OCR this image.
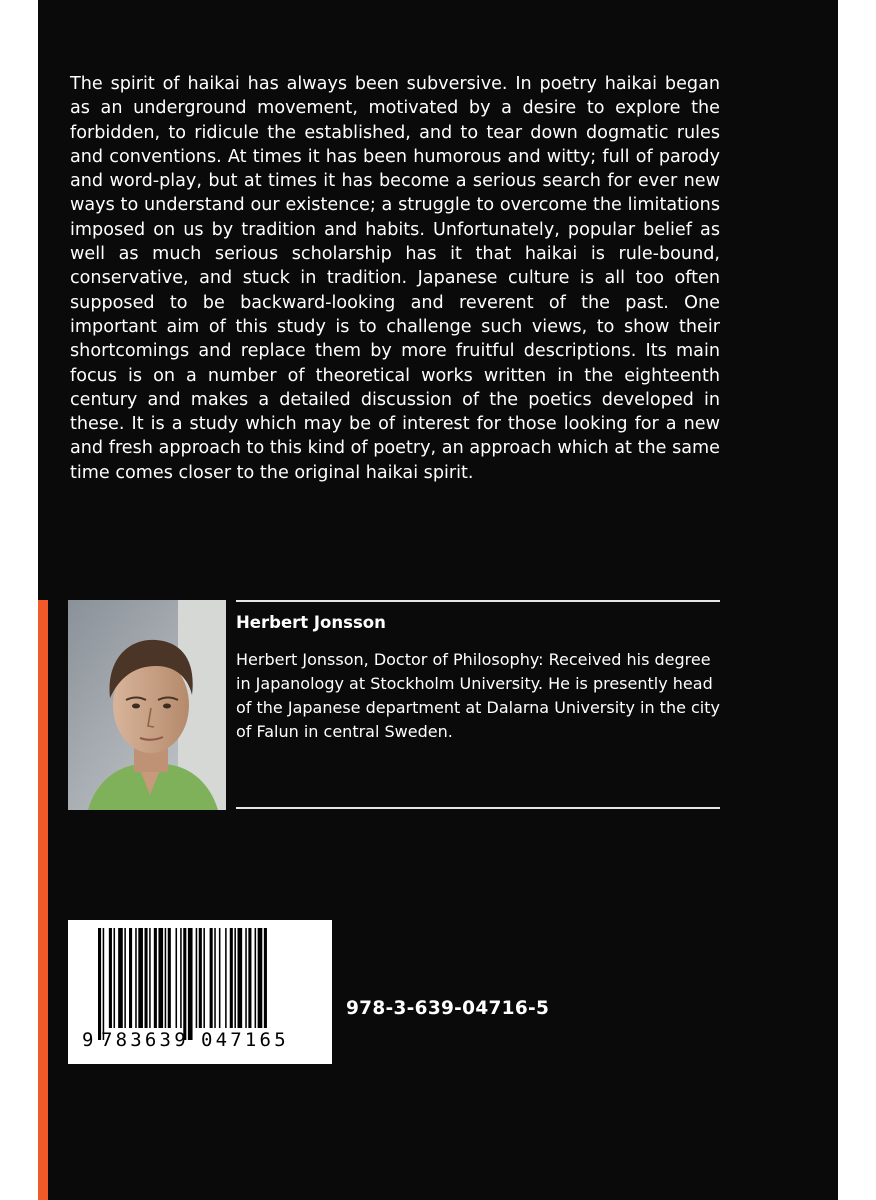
The spirit of haikai has always been subversive. In poetry haikai began as an underground movement, motivated by a desire to explore the forbidden, to ridicule the established, and to tear down dogmatic rules and conventions. At times it has been humorous and witty; full of parody and word-play, but at times it has become a serious search for ever new ways to understand our existence; a struggle to overcome the limitations imposed on us by tradition and habits. Unfortunately, popular belief as well as much serious scholarship has it that haikai is rule-bound, conservative, and stuck in tradition. Japanese culture is all too often supposed to be backward-looking and reverent of the past. One important aim of this study is to challenge such views, to show their shortcomings and replace them by more fruitful descriptions. Its main focus is on a number of theoretical works written in the eighteenth century and makes a detailed discussion of the poetics developed in these. It is a study which may be of interest for those looking for a new and fresh approach to this kind of poetry, an approach which at the same time comes closer to the original haikai spirit.

Herbert Jonsson

Herbert Jonsson, Doctor of Philosophy: Received his degree in Japanology at Stockholm University. He is presently head of the Japanese department at Dalarna University in the city of Falun in central Sweden.

9 783639 047165
978-3-639-04716-5
